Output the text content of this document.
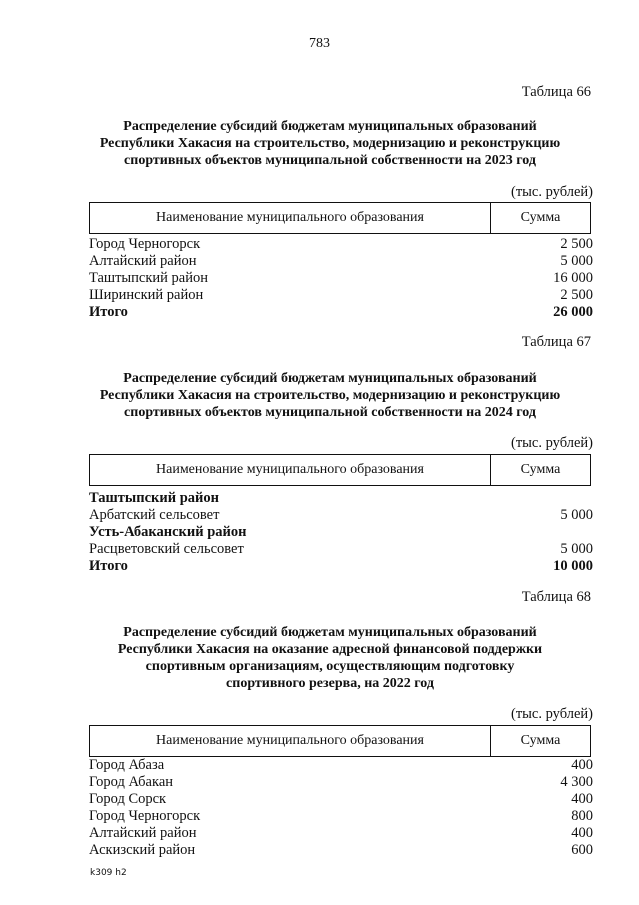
783
Таблица 66
Распределение субсидий бюджетам муниципальных образований
Республики Хакасия на строительство, модернизацию и реконструкцию
спортивных объектов муниципальной собственности на 2023 год
(тыс. рублей)
Наименование муниципального образования	Сумма
Город Черногорск	2 500
Алтайский район	5 000
Таштыпский район	16 000
Ширинский район	2 500
Итого	26 000
Таблица 67
Распределение субсидий бюджетам муниципальных образований
Республики Хакасия на строительство, модернизацию и реконструкцию
спортивных объектов муниципальной собственности на 2024 год
(тыс. рублей)
Наименование муниципального образования	Сумма
Таштыпский район
Арбатский сельсовет	5 000
Усть-Абаканский район
Расцветовский сельсовет	5 000
Итого	10 000
Таблица 68
Распределение субсидий бюджетам муниципальных образований
Республики Хакасия на оказание адресной финансовой поддержки
спортивным организациям, осуществляющим подготовку
спортивного резерва, на 2022 год
(тыс. рублей)
Наименование муниципального образования	Сумма
Город Абаза	400
Город Абакан	4 300
Город Сорск	400
Город Черногорск	800
Алтайский район	400
Аскизский район	600
k309 h2
